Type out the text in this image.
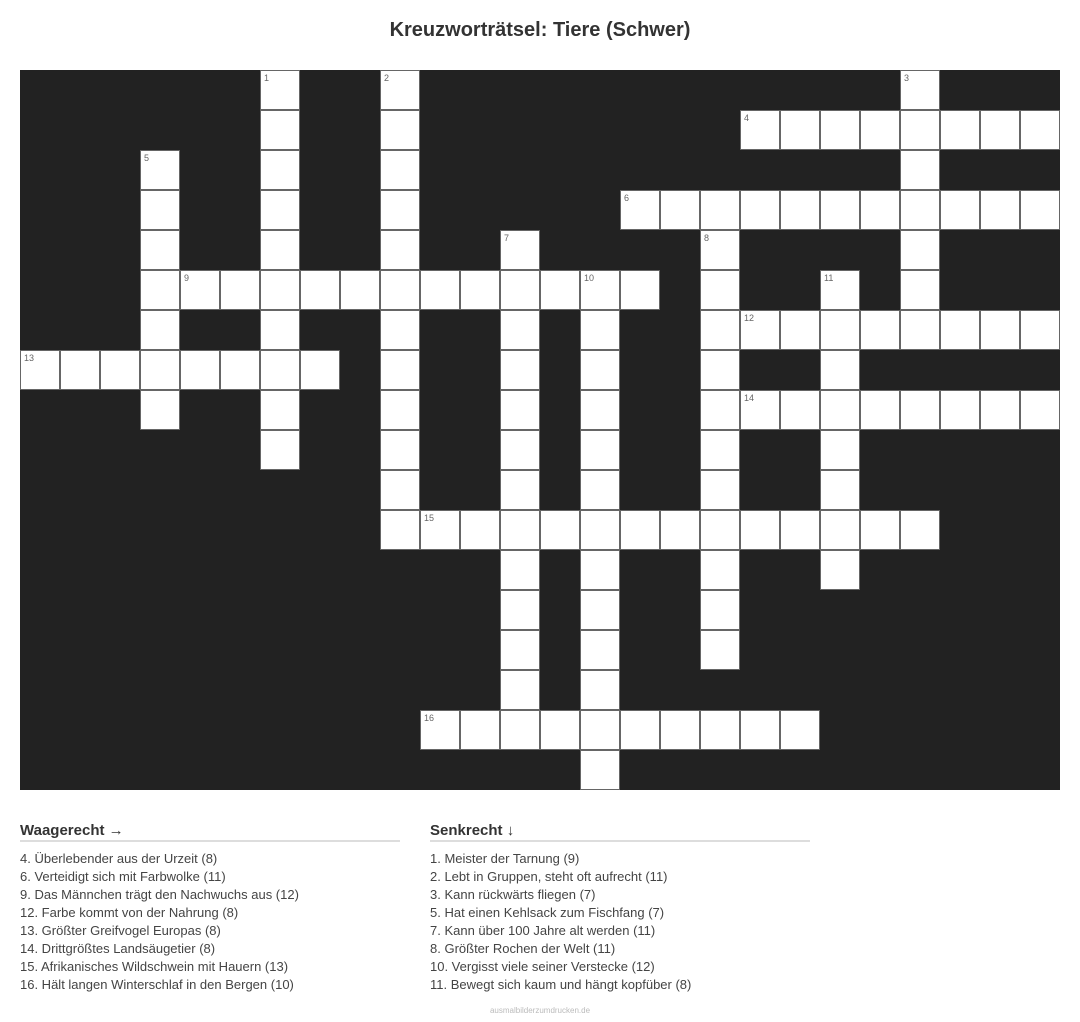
Kreuzworträtsel: Tiere (Schwer)
1	2	3
4
5
6
7	8
9	10	11
12
13
14
15
16
Waagerecht →
4. Überlebender aus der Urzeit (8)
6. Verteidigt sich mit Farbwolke (11)
9. Das Männchen trägt den Nachwuchs aus (12)
12. Farbe kommt von der Nahrung (8)
13. Größter Greifvogel Europas (8)
14. Drittgrößtes Landsäugetier (8)
15. Afrikanisches Wildschwein mit Hauern (13)
16. Hält langen Winterschlaf in den Bergen (10)
Senkrecht ↓
1. Meister der Tarnung (9)
2. Lebt in Gruppen, steht oft aufrecht (11)
3. Kann rückwärts fliegen (7)
5. Hat einen Kehlsack zum Fischfang (7)
7. Kann über 100 Jahre alt werden (11)
8. Größter Rochen der Welt (11)
10. Vergisst viele seiner Verstecke (12)
11. Bewegt sich kaum und hängt kopfüber (8)
ausmalbilderzumdrucken.de
